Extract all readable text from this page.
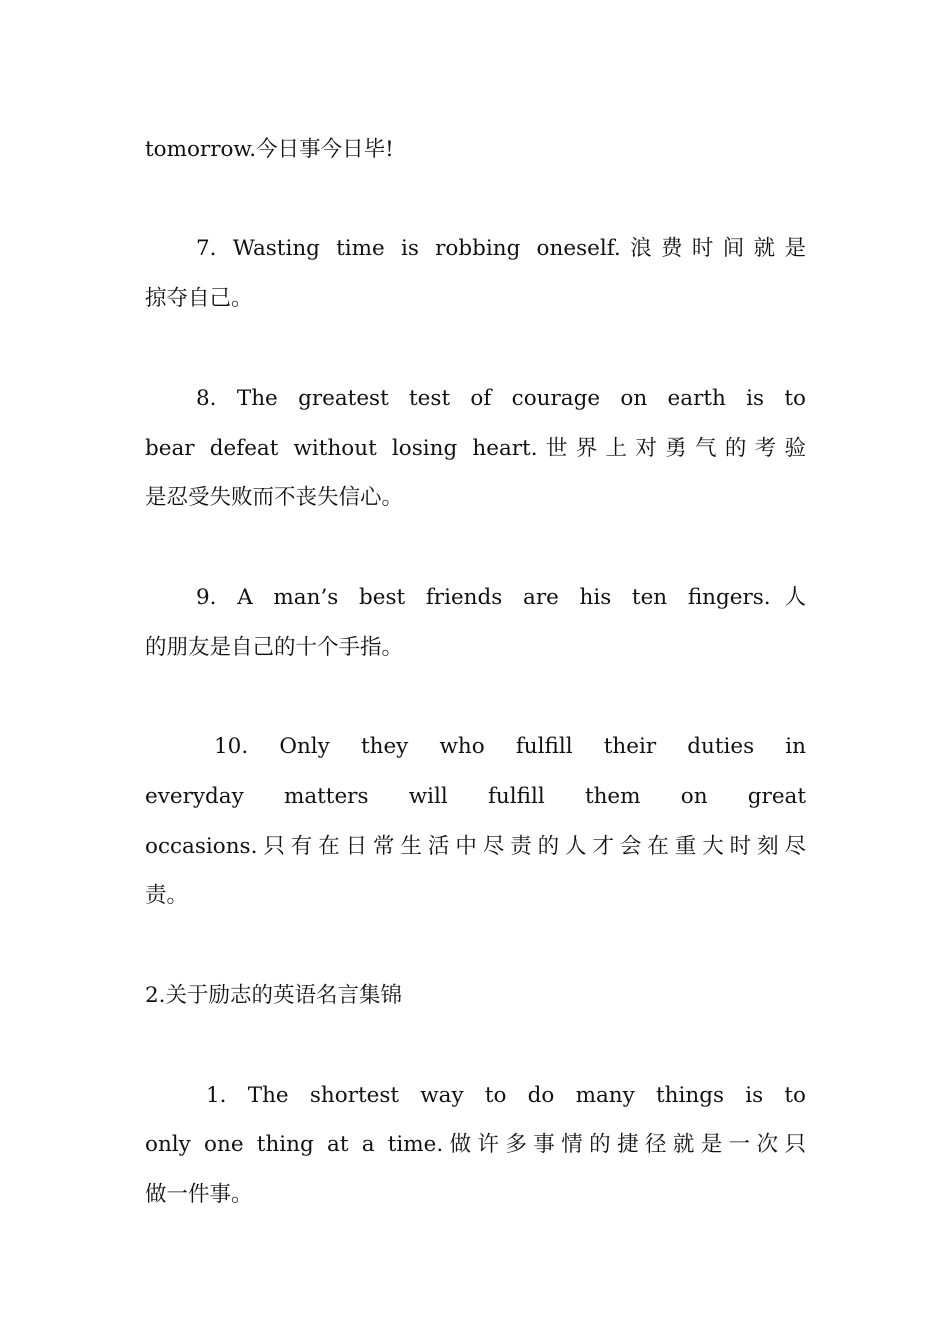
tomorrow.今日事今日毕!
7. Wasting time is robbing oneself.浪费时间就是
掠夺自己。
8. The greatest test of courage on earth is to
bear defeat without losing heart.世界上对勇气的考验
是忍受失败而不丧失信心。
9. A man’s best friends are his ten fingers.人
的朋友是自己的十个手指。
10. Only they who fulfill their duties in
everyday matters will fulfill them on great
occasions.只有在日常生活中尽责的人才会在重大时刻尽
责。
2.关于励志的英语名言集锦
1. The shortest way to do many things is to
only one thing at a time.做许多事情的捷径就是一次只
做一件事。
